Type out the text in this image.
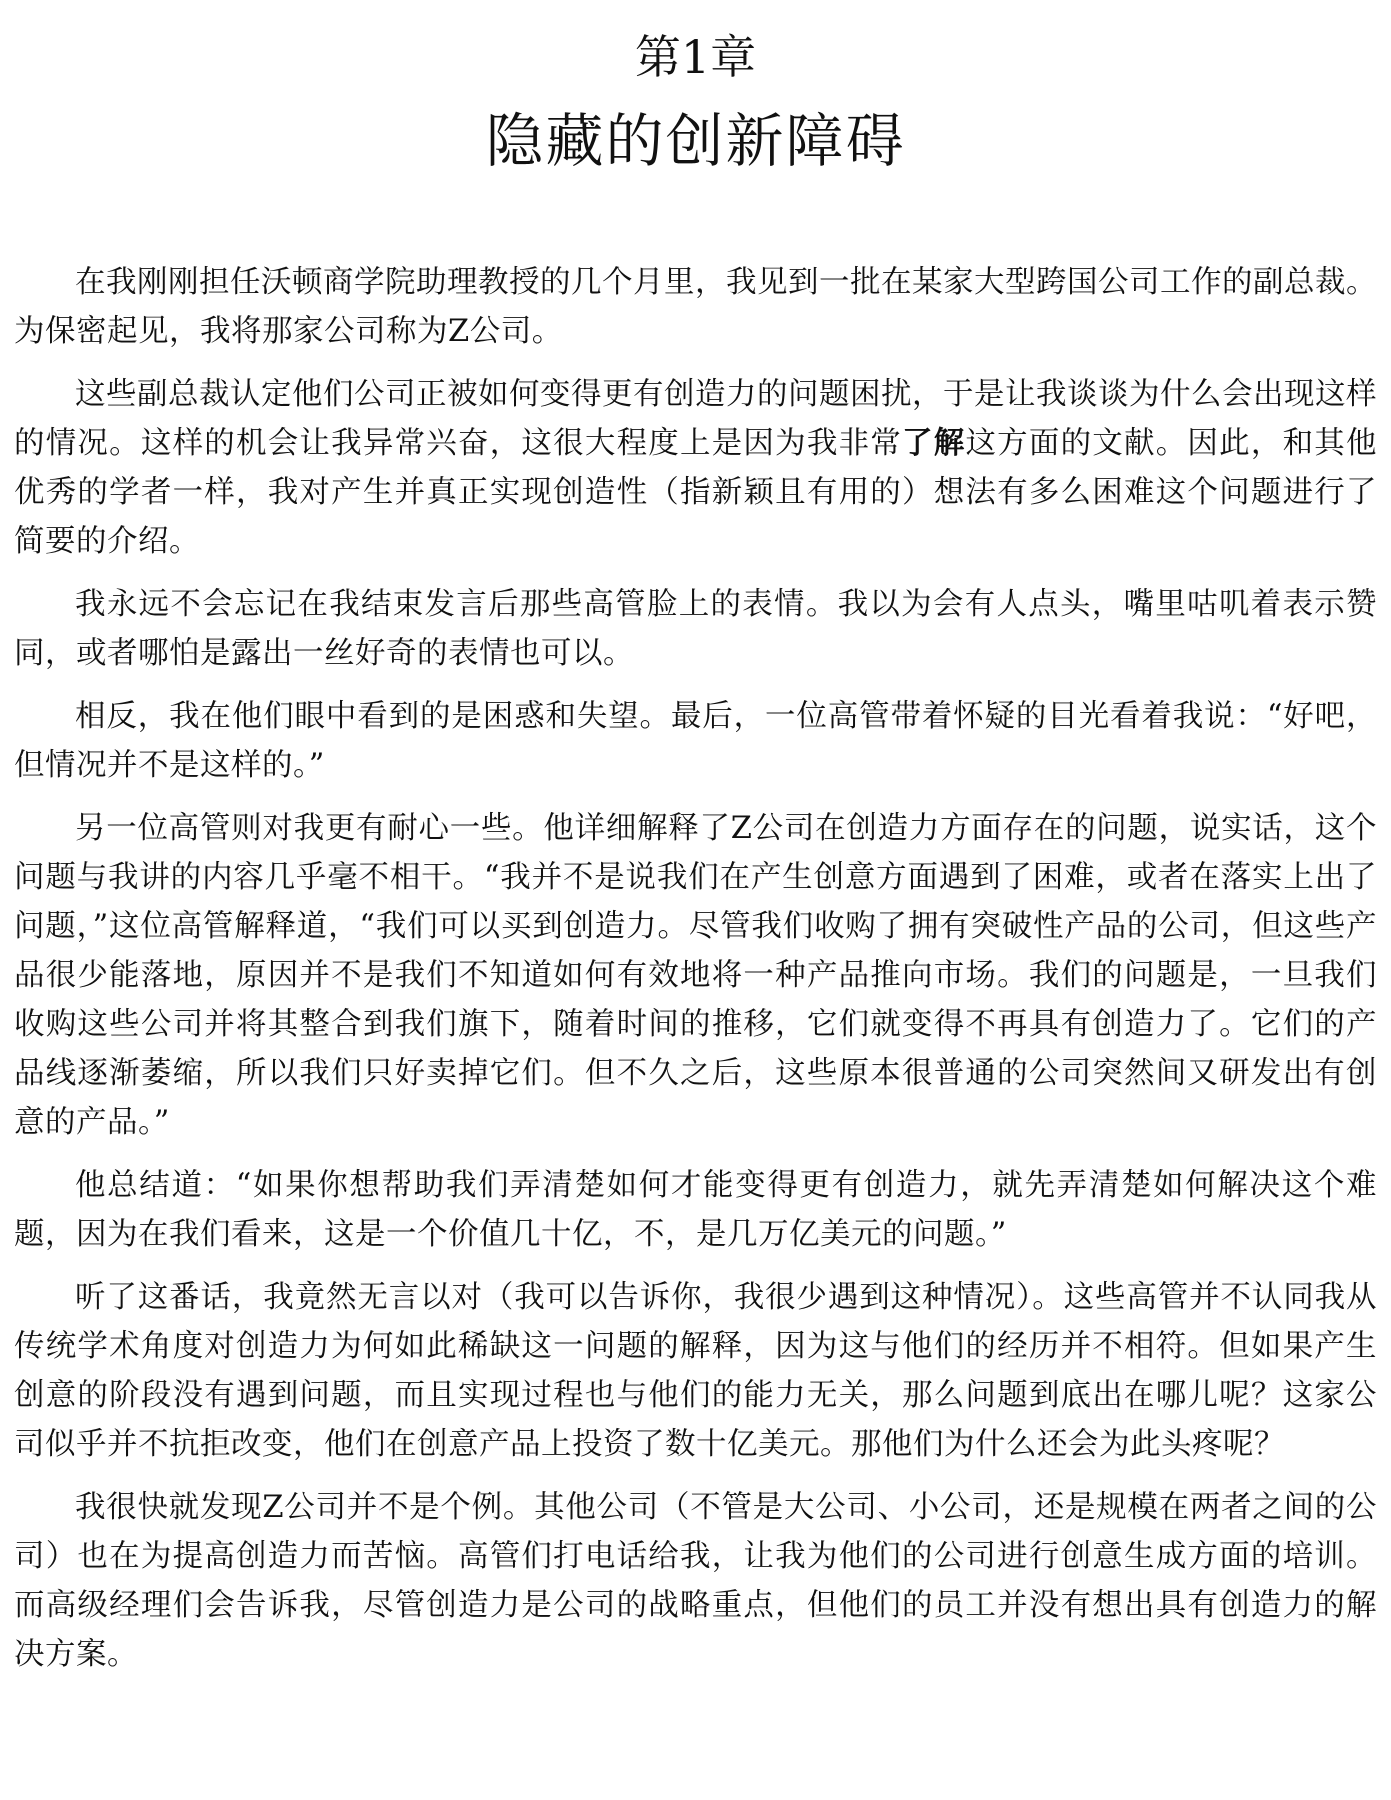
第1章
隐藏的创新障碍

在我刚刚担任沃顿商学院助理教授的几个月里，我见到一批在某家大型跨国公司工作的副总裁。为保密起见，我将那家公司称为Z公司。

这些副总裁认定他们公司正被如何变得更有创造力的问题困扰，于是让我谈谈为什么会出现这样的情况。这样的机会让我异常兴奋，这很大程度上是因为我非常了解这方面的文献。因此，和其他优秀的学者一样，我对产生并真正实现创造性（指新颖且有用的）想法有多么困难这个问题进行了简要的介绍。

我永远不会忘记在我结束发言后那些高管脸上的表情。我以为会有人点头，嘴里咕叽着表示赞同，或者哪怕是露出一丝好奇的表情也可以。

相反，我在他们眼中看到的是困惑和失望。最后，一位高管带着怀疑的目光看着我说：“好吧，但情况并不是这样的。”

另一位高管则对我更有耐心一些。他详细解释了Z公司在创造力方面存在的问题，说实话，这个问题与我讲的内容几乎毫不相干。“我并不是说我们在产生创意方面遇到了困难，或者在落实上出了问题，”这位高管解释道，“我们可以买到创造力。尽管我们收购了拥有突破性产品的公司，但这些产品很少能落地，原因并不是我们不知道如何有效地将一种产品推向市场。我们的问题是，一旦我们收购这些公司并将其整合到我们旗下，随着时间的推移，它们就变得不再具有创造力了。它们的产品线逐渐萎缩，所以我们只好卖掉它们。但不久之后，这些原本很普通的公司突然间又研发出有创意的产品。”

他总结道：“如果你想帮助我们弄清楚如何才能变得更有创造力，就先弄清楚如何解决这个难题，因为在我们看来，这是一个价值几十亿，不，是几万亿美元的问题。”

听了这番话，我竟然无言以对（我可以告诉你，我很少遇到这种情况）。这些高管并不认同我从传统学术角度对创造力为何如此稀缺这一问题的解释，因为这与他们的经历并不相符。但如果产生创意的阶段没有遇到问题，而且实现过程也与他们的能力无关，那么问题到底出在哪儿呢？这家公司似乎并不抗拒改变，他们在创意产品上投资了数十亿美元。那他们为什么还会为此头疼呢？

我很快就发现Z公司并不是个例。其他公司（不管是大公司、小公司，还是规模在两者之间的公司）也在为提高创造力而苦恼。高管们打电话给我，让我为他们的公司进行创意生成方面的培训。而高级经理们会告诉我，尽管创造力是公司的战略重点，但他们的员工并没有想出具有创造力的解决方案。
